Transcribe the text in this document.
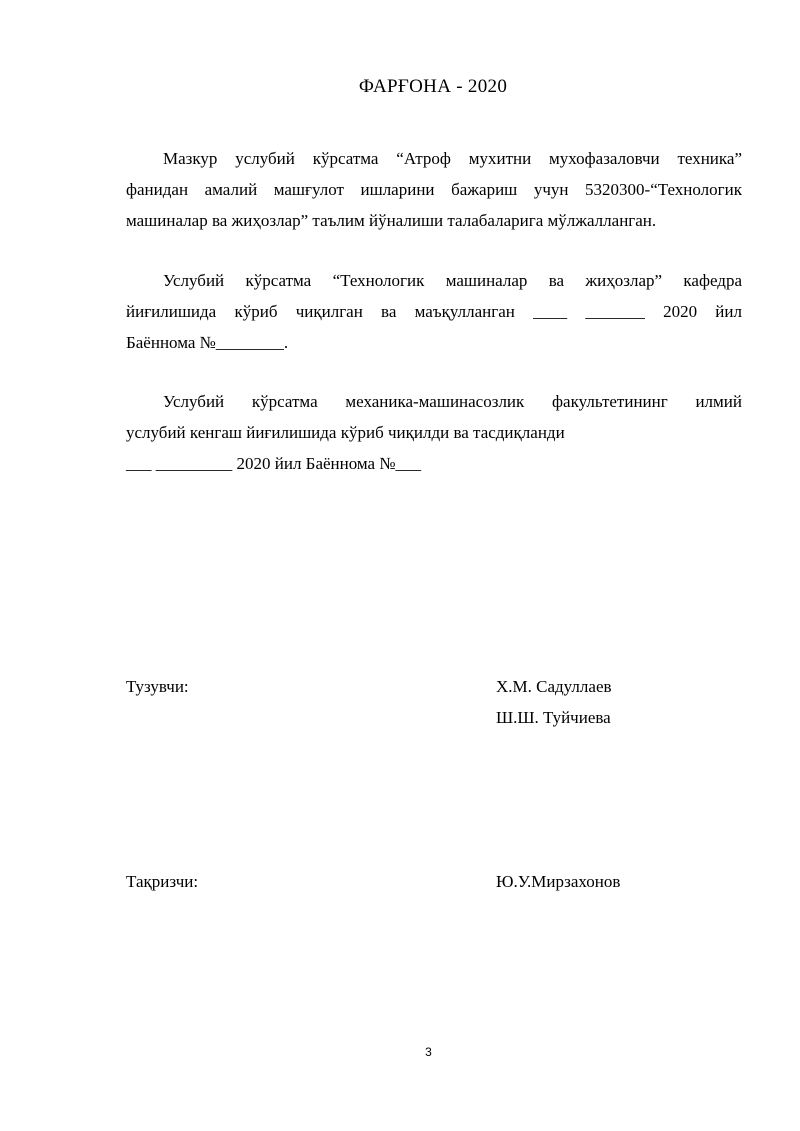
ФАРҒОНА - 2020
Мазкур услубий кўрсатма “Атроф мухитни мухофазаловчи техника”
фанидан амалий машғулот ишларини бажариш учун 5320300-“Технологик
машиналар ва жиҳозлар” таълим йўналиши талабаларига мўлжалланган.
Услубий кўрсатма “Технологик машиналар ва жиҳозлар” кафедра
йиғилишида кўриб чиқилган ва маъқулланган ____ _______ 2020 йил
Баённома №________.
Услубий кўрсатма механика-машинасозлик факультетининг илмий
услубий кенгаш йиғилишида кўриб чиқилди ва тасдиқланди
___ _________ 2020 йил Баённома №___
Тузувчи:	Х.М. Садуллаев
Ш.Ш. Туйчиева
Тақризчи:	Ю.У.Мирзахонов
3
